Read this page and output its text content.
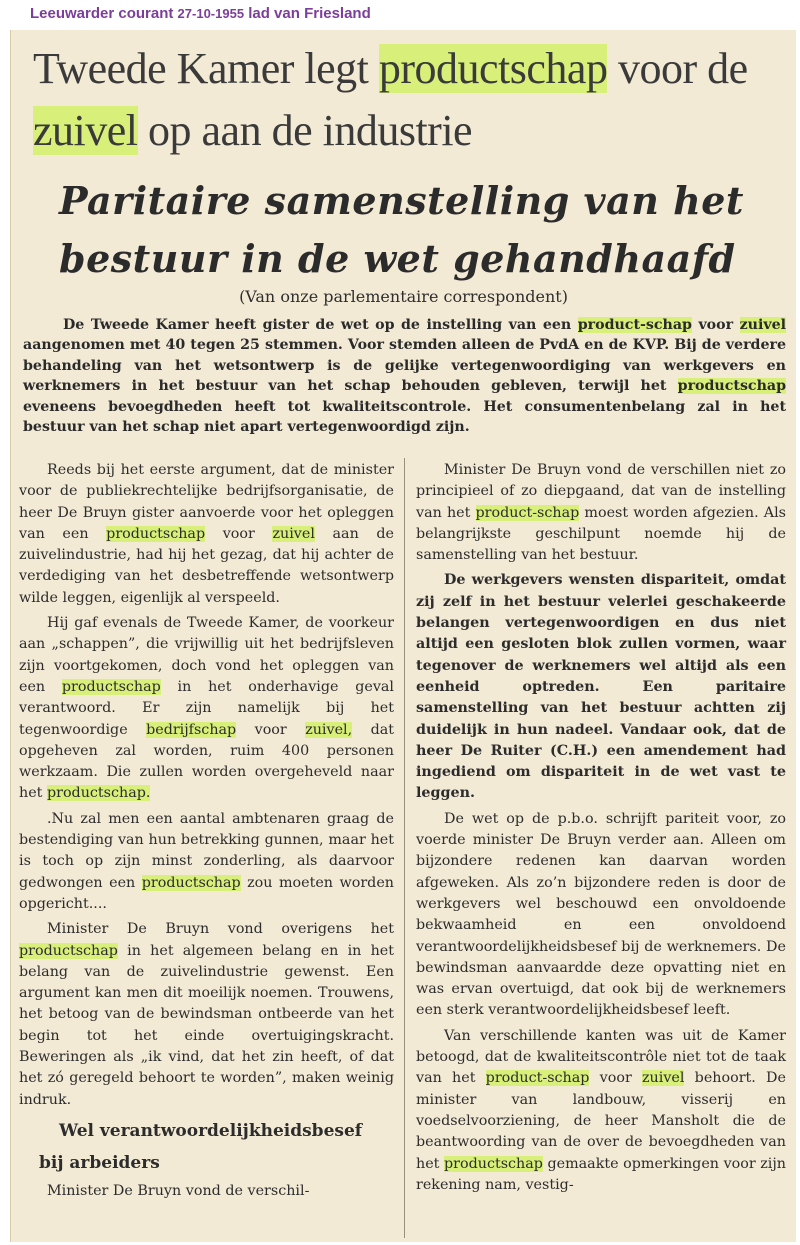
Leeuwarder courant 27-10-1955 lad van Friesland
Tweede Kamer legt productschap voor de
zuivel op aan de industrie
Paritaire samenstelling van het bestuur in de wet gehandhaafd
(Van onze parlementaire correspondent)
De Tweede Kamer heeft gister de wet op de instelling van een product-schap voor zuivel aangenomen met 40 tegen 25 stemmen. Voor stemden alleen de PvdA en de KVP. Bij de verdere behandeling van het wetsontwerp is de gelijke vertegenwoordiging van werkgevers en werknemers in het bestuur van het schap behouden gebleven, terwijl het productschap eveneens bevoegdheden heeft tot kwaliteitscontrole. Het consumentenbelang zal in het bestuur van het schap niet apart vertegenwoordigd zijn.

Reeds bij het eerste argument, dat de minister voor de publiekrechtelijke bedrijfsorganisatie, de heer De Bruyn gister aanvoerde voor het opleggen van een productschap voor zuivel aan de zuivelindustrie, had hij het gezag, dat hij achter de verdediging van het desbetreffende wetsontwerp wilde leggen, eigenlijk al verspeeld.

Hij gaf evenals de Tweede Kamer, de voorkeur aan „schappen”, die vrijwillig uit het bedrijfsleven zijn voortgekomen, doch vond het opleggen van een productschap in het onderhavige geval verantwoord. Er zijn namelijk bij het tegenwoordige bedrijfschap voor zuivel, dat opgeheven zal worden, ruim 400 personen werkzaam. Die zullen worden overgeheveld naar het productschap.

.Nu zal men een aantal ambtenaren graag de bestendiging van hun betrekking gunnen, maar het is toch op zijn minst zonderling, als daarvoor gedwongen een productschap zou moeten worden opgericht....

Minister De Bruyn vond overigens het productschap in het algemeen belang en in het belang van de zuivelindustrie gewenst. Een argument kan men dit moeilijk noemen. Trouwens, het betoog van de bewindsman ontbeerde van het begin tot het einde overtuigingskracht. Beweringen als „ik vind, dat het zin heeft, of dat het zó geregeld behoort te worden”, maken weinig indruk.

Wel verantwoordelijkheidsbesef
bij arbeiders

Minister De Bruyn vond de verschil-

Minister De Bruyn vond de verschillen niet zo principieel of zo diepgaand, dat van de instelling van het product-schap moest worden afgezien. Als belangrijkste geschilpunt noemde hij de samenstelling van het bestuur.

De werkgevers wensten dispariteit, omdat zij zelf in het bestuur velerlei geschakeerde belangen vertegenwoordigen en dus niet altijd een gesloten blok zullen vormen, waar tegenover de werknemers wel altijd als een eenheid optreden. Een paritaire samenstelling van het bestuur achtten zij duidelijk in hun nadeel. Vandaar ook, dat de heer De Ruiter (C.H.) een amendement had ingediend om dispariteit in de wet vast te leggen.

De wet op de p.b.o. schrijft pariteit voor, zo voerde minister De Bruyn verder aan. Alleen om bijzondere redenen kan daarvan worden afgeweken. Als zo’n bijzondere reden is door de werkgevers wel beschouwd een onvoldoende bekwaamheid en een onvoldoend verantwoordelijkheidsbesef bij de werknemers. De bewindsman aanvaardde deze opvatting niet en was ervan overtuigd, dat ook bij de werknemers een sterk verantwoordelijkheidsbesef leeft.

Van verschillende kanten was uit de Kamer betoogd, dat de kwaliteitscontrôle niet tot de taak van het product-schap voor zuivel behoort. De minister van landbouw, visserij en voedselvoorziening, de heer Mansholt die de beantwoording van de over de bevoegdheden van het productschap gemaakte opmerkingen voor zijn rekening nam, vestig-
